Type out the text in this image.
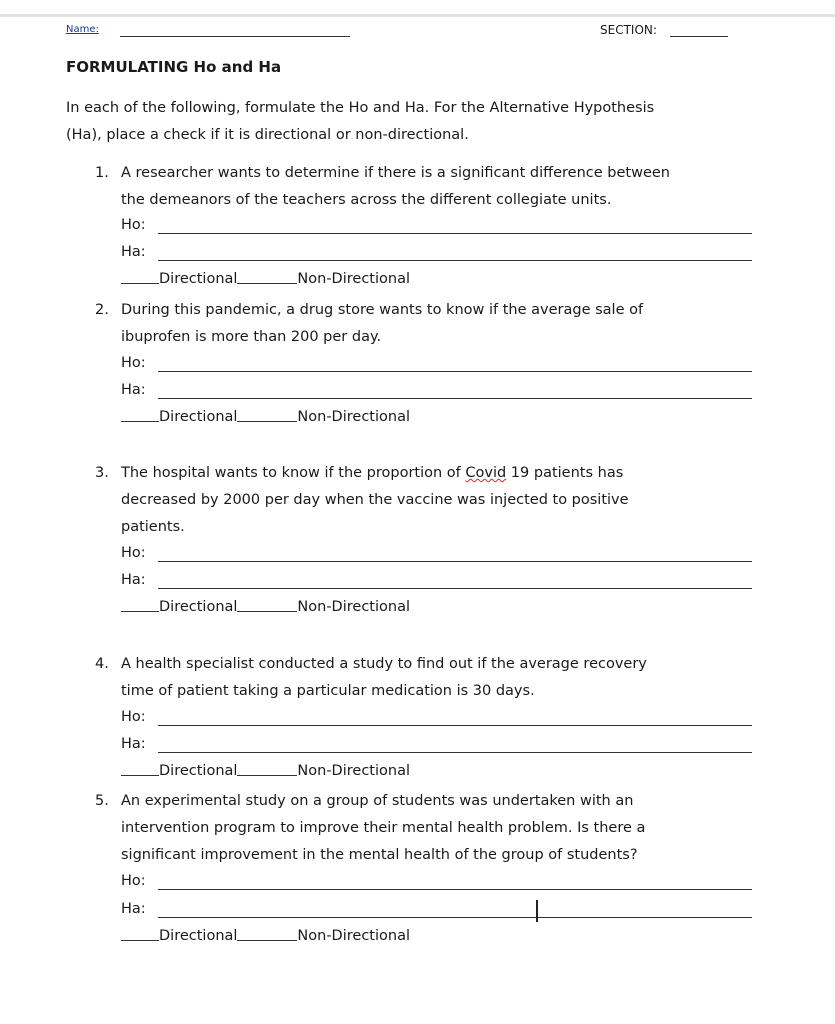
Name:	SECTION:
FORMULATING Ho and Ha
In each of the following, formulate the Ho and Ha. For the Alternative Hypothesis
(Ha), place a check if it is directional or non-directional.
1. A researcher wants to determine if there is a significant difference between
the demeanors of the teachers across the different collegiate units.
Ho:
Ha:
Directional	Non-Directional
2. During this pandemic, a drug store wants to know if the average sale of
ibuprofen is more than 200 per day.
Ho:
Ha:
Directional	Non-Directional
3. The hospital wants to know if the proportion of Covid 19 patients has
decreased by 2000 per day when the vaccine was injected to positive
patients.
Ho:
Ha:
Directional	Non-Directional
4. A health specialist conducted a study to find out if the average recovery
time of patient taking a particular medication is 30 days.
Ho:
Ha:
Directional	Non-Directional
5. An experimental study on a group of students was undertaken with an
intervention program to improve their mental health problem. Is there a
significant improvement in the mental health of the group of students?
Ho:
Ha:
Directional	Non-Directional
